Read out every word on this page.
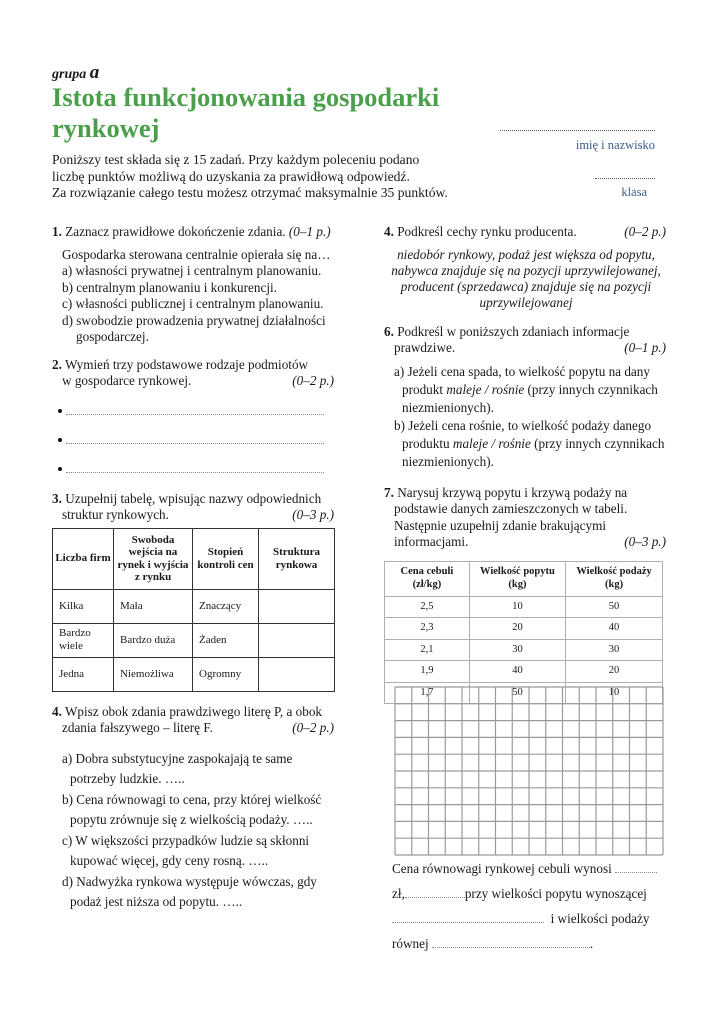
grupa a
Istota funkcjonowania gospodarki rynkowej
Poniższy test składa się z 15 zadań. Przy każdym poleceniu podano
liczbę punktów możliwą do uzyskania za prawidłową odpowiedź.
Za rozwiązanie całego testu możesz otrzymać maksymalnie 35 punktów.
imię i nazwisko
klasa
1. Zaznacz prawidłowe dokończenie zdania. (0–1 p.)
Gospodarka sterowana centralnie opierała się na…
a) własności prywatnej i centralnym planowaniu.
b) centralnym planowaniu i konkurencji.
c) własności publicznej i centralnym planowaniu.
d) swobodzie prowadzenia prywatnej działalności gospodarczej.
2. Wymień trzy podstawowe rodzaje podmiotów
w gospodarce rynkowej.	(0–2 p.)
3. Uzupełnij tabelę, wpisując nazwy odpowiednich
struktur rynkowych.	(0–3 p.)
Liczba firm	Swoboda wejścia na rynek i wyjścia z rynku	Stopień kontroli cen	Struktura rynkowa
Kilka	Mała	Znaczący	
Bardzo wiele	Bardzo duża	Żaden	
Jedna	Niemożliwa	Ogromny	
4. Wpisz obok zdania prawdziwego literę P, a obok
zdania fałszywego – literę F.	(0–2 p.)
a) Dobra substytucyjne zaspokajają te same
potrzeby ludzkie. …..
b) Cena równowagi to cena, przy której wielkość
popytu zrównuje się z wielkością podaży. …..
c) W większości przypadków ludzie są skłonni
kupować więcej, gdy ceny rosną. …..
d) Nadwyżka rynkowa występuje wówczas, gdy
podaż jest niższa od popytu. …..
4. Podkreśl cechy rynku producenta.	(0–2 p.)
niedobór rynkowy, podaż jest większa od popytu,
nabywca znajduje się na pozycji uprzywilejowanej,
producent (sprzedawca) znajduje się na pozycji
uprzywilejowanej
6. Podkreśl w poniższych zdaniach informacje
prawdziwe.	(0–1 p.)
a) Jeżeli cena spada, to wielkość popytu na dany
produkt maleje / rośnie (przy innych czynnikach
niezmienionych).
b) Jeżeli cena rośnie, to wielkość podaży danego
produktu maleje / rośnie (przy innych czynnikach
niezmienionych).
7. Narysuj krzywą popytu i krzywą podaży na
podstawie danych zamieszczonych w tabeli.
Następnie uzupełnij zdanie brakującymi
informacjami.	(0–3 p.)
Cena cebuli (zł/kg)	Wielkość popytu (kg)	Wielkość podaży (kg)
2,5	10	50
2,3	20	40
2,1	30	30
1,9	40	20
1,7	50	10
Cena równowagi rynkowej cebuli wynosi
zł,	przy wielkości popytu wynoszącej
i wielkości podaży
równej	.
